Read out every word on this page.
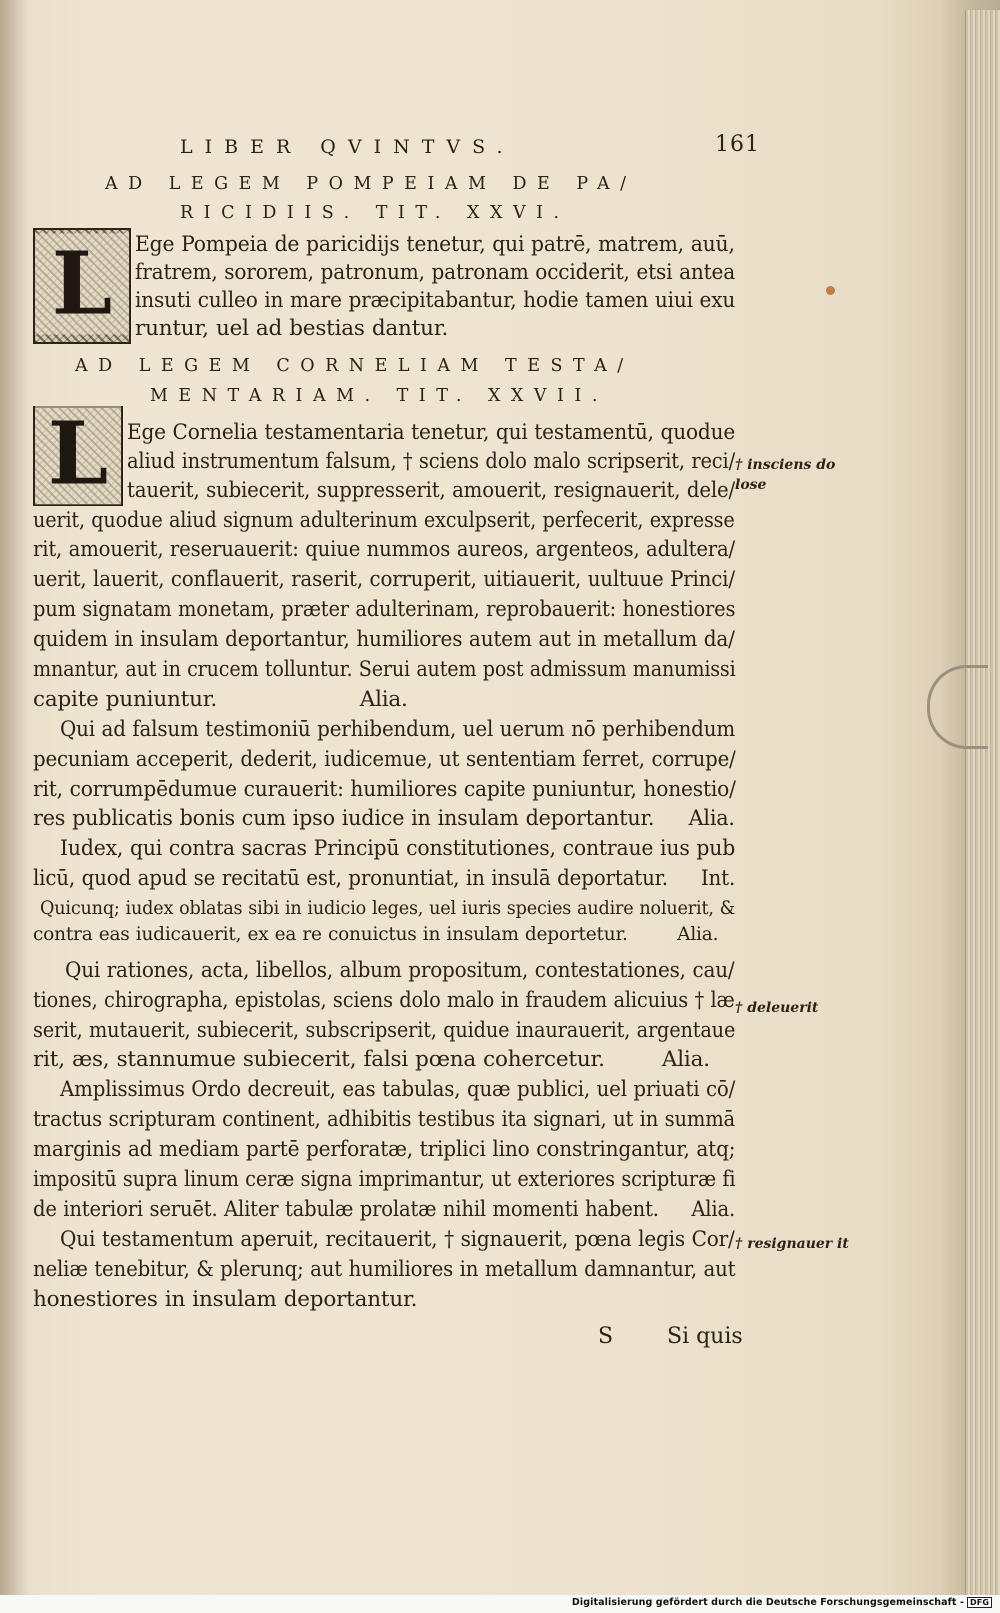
LIBER QVINTVS.	161
AD LEGEM POMPEIAM DE PA/
RICIDIIS. TIT. XXVI.
L	Ege Pompeia de paricidijs tenetur, qui patrē, matrem, auū,
fratrem, sororem, patronum, patronam occiderit, etsi antea
insuti culleo in mare præcipitabantur, hodie tamen uiui exu
runtur, uel ad bestias dantur.
AD LEGEM CORNELIAM TESTA/
MENTARIAM. TIT. XXVII.
L Ege Cornelia testamentaria tenetur, qui testamentū, quodue
aliud instrumentum falsum, † sciens dolo malo scripserit, reci/
tauerit, subiecerit, suppresserit, amouerit, resignauerit, dele/
uerit, quodue aliud signum adulterinum exculpserit, perfecerit, expresse
rit, amouerit, reseruauerit: quiue nummos aureos, argenteos, adultera/
uerit, lauerit, conflauerit, raserit, corruperit, uitiauerit, uultuue Princi/
pum signatam monetam, præter adulterinam, reprobauerit: honestiores
quidem in insulam deportantur, humiliores autem aut in metallum da/
mnantur, aut in crucem tolluntur. Serui autem post admissum manumissi
capite puniuntur.                    Alia.
Qui ad falsum testimoniū perhibendum, uel uerum nō perhibendum
pecuniam acceperit, dederit, iudicemue, ut sententiam ferret, corrupe/
rit, corrumpēdumue curauerit: humiliores capite puniuntur, honestio/
res publicatis bonis cum ipso iudice in insulam deportantur.     Alia.
Iudex, qui contra sacras Principū constitutiones, contraue ius pub
licū, quod apud se recitatū est, pronuntiat, in insulā deportatur.     Int.
Quicunq; iudex oblatas sibi in iudicio leges, uel iuris species audire noluerit, &
contra eas iudicauerit, ex ea re conuictus in insulam deportetur.        Alia.
Qui rationes, acta, libellos, album propositum, contestationes, cau/
tiones, chirographa, epistolas, sciens dolo malo in fraudem alicuius † læ
serit, mutauerit, subiecerit, subscripserit, quidue inaurauerit, argentaue
rit, æs, stannumue subiecerit, falsi pœna cohercetur.        Alia.
Amplissimus Ordo decreuit, eas tabulas, quæ publici, uel priuati cō/
tractus scripturam continent, adhibitis testibus ita signari, ut in summā
marginis ad mediam partē perforatæ, triplici lino constringantur, atq;
impositū supra linum ceræ signa imprimantur, ut exteriores scripturæ fi
de interiori seruēt. Aliter tabulæ prolatæ nihil momenti habent.     Alia.
Qui testamentum aperuit, recitauerit, † signauerit, pœna legis Cor/
neliæ tenebitur, & plerunq; aut humiliores in metallum damnantur, aut
honestiores in insulam deportantur.
† insciens do
lose
† deleuerit
† resignauer it
S Si quis
Digitalisierung gefördert durch die Deutsche Forschungsgemeinschaft - DFG
